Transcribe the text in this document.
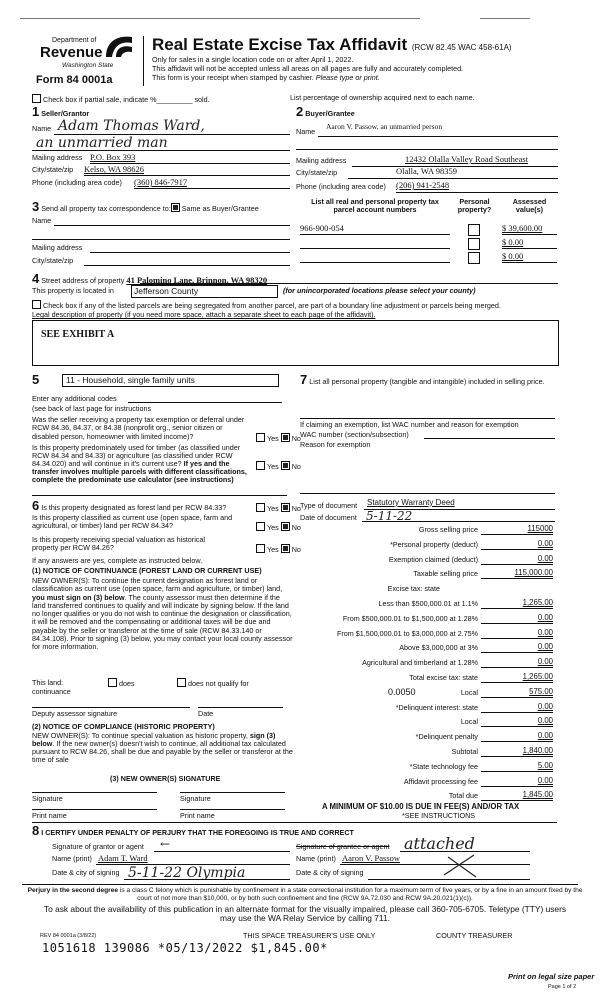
Department of
Revenue
Washington State
Form 84 0001a
Real Estate Excise Tax Affidavit (RCW 82.45 WAC 458-61A)
Only for sales in a single location code on or after April 1, 2022.
This affidavit will not be accepted unless all areas on all pages are fully and accurately completed.
This form is your receipt when stamped by cashier. Please type or print.
Check box if partial sale, indicate %_________ sold.	List percentage of ownership acquired next to each name.
1 Seller/Grantor
Name Adam Thomas Ward,
an unmarried man
Mailing address P.O. Box 393
City/state/zip Kelso, WA 98626
Phone (including area code) (360) 846-7917
2 Buyer/Grantee
Name
Aaron V. Passow, an unmarried person
Mailing address	12432 Olalla Valley Road Southeast
City/state/zip	Olalla, WA 98359
Phone (including area code) (206) 941-2548
3 Send all property tax correspondence to: Same as Buyer/Grantee
Name
Mailing address
City/state/zip
List all real and personal property tax parcel account numbers
Personal property?
Assessed value(s)
966-900-054	$ 39,600.00
$ 0.00
$ 0.00
4 Street address of property 41 Palomino Lane, Brinnon, WA 98320
This property is located in Jefferson County	(for unincorporated locations please select your county)
Check box if any of the listed parcels are being segregated from another parcel, are part of a boundary line adjustment or parcels being merged.
Legal description of property (if you need more space, attach a separate sheet to each page of the affidavit).
SEE EXHIBIT A
5	11 - Household, single family units
Enter any additional codes
(see back of last page for instructions
Was the seller receiving a property tax exemption or deferral under RCW 84.36, 84.37, or 84.38 (nonprofit org., senior citizen or disabled person, homeowner with limited income)?	Yes No
Is this property predominately used for timber (as classified under RCW 84.34 and 84.33) or agriculture (as classified under RCW 84.34.020) and will continue in it's current use? If yes and the transfer involves multiple parcels with different classifications, complete the predominate use calculator (see instructions)
Yes No
6 Is this property designated as forest land per RCW 84.33?	Yes No
Is this property classified as current use (open space, farm and agricultural, or timber) land per RCW 84.34?	Yes No
Is this property receiving special valuation as historical property per RCW 84.26?	Yes No
If any answers are yes, complete as instructed below.
(1) NOTICE OF CONTINUANCE (FOREST LAND OR CURRENT USE)
NEW OWNER(S): To continue the current designation as forest land or classification as current use (open space, farm and agriculture, or timber) land, you must sign on (3) below. The county assessor must then determine if the land transferred continues to qualify and will indicate by signing below. If the land no longer qualifies or you do not wish to continue the designation or classification, it will be removed and the compensating or additional taxes will be due and payable by the seller or transferor at the time of sale (RCW 84.33.140 or 84.34.108). Prior to signing (3) below, you may contact your local county assessor for more information.
This land:
continuance
does	does not qualify for
Deputy assessor signature	Date
(2) NOTICE OF COMPLIANCE (HISTORIC PROPERTY)
NEW OWNER(S): To continue special valuation as historic property, sign (3) below. If the new owner(s) doesn't wish to continue, all additional tax calculated pursuant to RCW 84.26, shall be due and payable by the seller or transferor at the time of sale
(3) NEW OWNER(S) SIGNATURE
Signature	Signature
Print name	Print name
7 List all personal property (tangible and intangible) included in selling price.
If claiming an exemption, list WAC number and reason for exemption
WAC number (section/subsection)
Reason for exemption
Type of document Statutory Warranty Deed
Date of document 5-11-22
Gross selling price	115000
*Personal property (deduct)	0.00
Exemption claimed (deduct)	0.00
Taxable selling price	115,000.00
Excise tax: state
Less than $500,000.01 at 1.1%	1,265.00
From $500,000.01 to $1,500,000 at 1.28%	0.00
From $1,500,000.01 to $3,000,000 at 2.75%	0.00
Above $3,000,000 at 3%	0.00
Agricultural and timberland at 1.28%	0.00
Total excise tax: state	1,265.00
Local
0.0050	575.00
*Delinquent interest: state	0.00
Local	0.00
*Delinquent penalty	0.00
Subtotal	1,840.00
*State technology fee	5.00
Affidavit processing fee	0.00
Total due	1,845.00
A MINIMUM OF $10.00 IS DUE IN FEE(S) AND/OR TAX
*SEE INSTRUCTIONS
8 I CERTIFY UNDER PENALTY OF PERJURY THAT THE FOREGOING IS TRUE AND CORRECT
Signature of grantor or agent ←	Signature of grantee or agent attached
Name (print) Adam T. Ward	Name (print) Aaron V. Passow
Date & city of signing 5-11-22 Olympia	Date & city of signing
Perjury in the second degree is a class C felony which is punishable by confinement in a state correctional institution for a maximum term of five years, or by a fine in an amount fixed by the court of not more than $10,000, or by both such confinement and fine (RCW 9A.72.030 and RCW 9A.20.021(1)(c)).
To ask about the availability of this publication in an alternate format for the visually impaired, please call 360-705-6705. Teletype (TTY) users may use the WA Relay Service by calling 711.
REV 84 0001a (3/8/22)	THIS SPACE TREASURER'S USE ONLY	COUNTY TREASURER
1051618 139086 *05/13/2022 $1,845.00*
Print on legal size paper
Page 1 of 2
